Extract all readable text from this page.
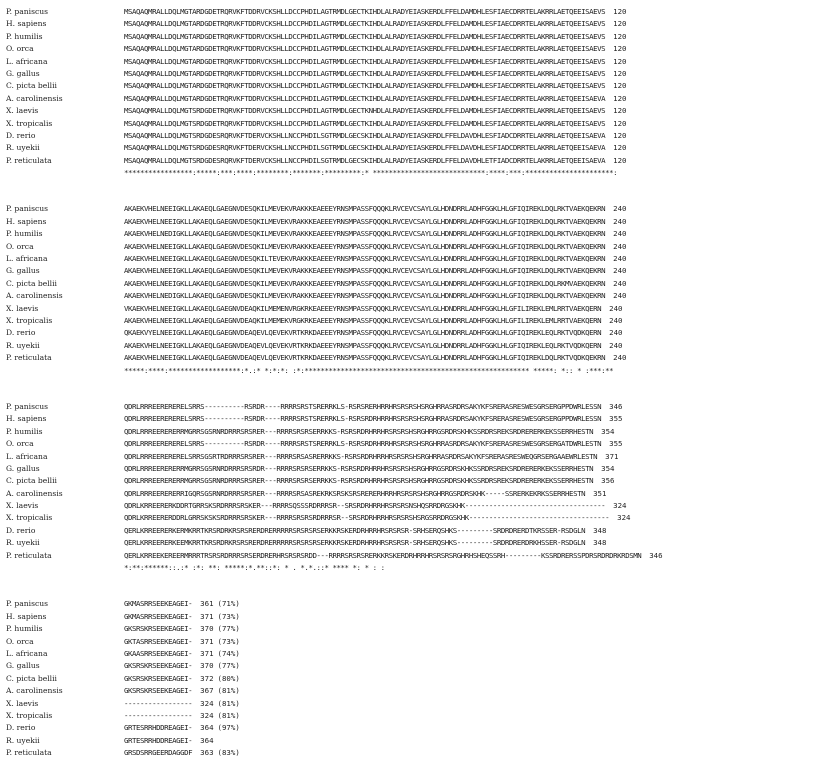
P. paniscus	MSAQAQMRALLDQLMGTARDGDETRQRVKFTDDRVCKSHLLDCCPHDILAGTRMDLGECTKIHDLALRADYEIASKERDLFFELDAMDHLESFIAECDRRTELAKRRLAETQEEISAEVS 120
H. sapiens	MSAQAQMRALLDQLMGTARDGDETRQRVKFTDDRVCKSHLLDCCPHDILAGTRMDLGECTKIHDLALRADYEIASKERDLFFELDAMDHLESFIAECDRRTELAKRRLAETQEEISAEVS 120
P. humilis	MSAQAQMRALLDQLMGTARDGDETRQRVKFTDDRVCKSHLLDCCPHDILAGTRMDLGECTKIHDLALRADYEIASKERDLFFELDAMDHLESFIAECDRRTELAKRRLAETQEEISAEVS 120
O. orca	MSAQAQMRALLDQLMGTARDGDETRQRVKFTDDRVCKSHLLDCCPHDILAGTRMDLGECTKIHDLALRADYEIASKERDLFFELDAMDHLESFIAECDRRTELAKRRLAETQEEISAEVS 120
L. africana	MSAQAQMRALLDQLMGTARDGDETRQRVKFTDDRVCKSHLLDCCPHDILAGTRMDLGECTKIHDLALRADYEIASKERDLFFELDAMDHLESFIAECDRRTELAKRRLAETQEEISAEVS 120
G. gallus	MSAQAQMRALLDQLMGTARDGDETRQRVKFTDDRVCKSHLLDCCPHDILAGTRMDLGECTKIHDLALRADYEIASKERDLFFELDAMDHLESFIAECDRRTELAKRRLAETQEEISAEVS 120
C. picta bellii	MSAQAQMRALLDQLMGTARDGDETRQRVKFTDDRVCKSHLLDCCPHDILAGTRMDLGECTKIHDLALRADYEIASKERDLFFELDAMDHLESFIAECDRRTELAKRRLAETQEEISAEVS 120
A. carolinensis	MSAQAQMRALLDQLMGTARDGDETRQRVKFTDDRVCKSHLLDCCPHDILAGTRMDLGECTKIHDLALRADYEIASKERDLFFELDAMDHLESFIAECDRRTELAKRRLAETQEEISAEVA 120
X. laevis	MSAQAQMRALLDQLMGTSRDGDETRQRVKFTDDRVCKSHLLDCCPHDILAGTRMDLGECTKNHDLALRADYEIASKERDLFFELDAMDHLESFIAECDRRTELAKRRLAETQEEISAEVS 120
X. tropicalis	MSAQAQMRALLDQLMGTSRDGDETRQRVKFTDDRVCKSHLLDCCPHDILAGTRMDLGECTKIHDLALRADYEIASKERDLFFELDAMDHLESFIAECDRRTELAKRRLAETQEEISAEVS 120
D. rerio	MSAQAQMRALLDQLMGTSRDGDESRQRVKFTDERVCKSHLLNCCPHDILSGTRMDLGECSKIHDLALRADYEIASKERDLFFELDAVDHLESFIADCDRRTELAKRRLAETQEEISAEVA 120
R. uyekii	MSAQAQMRALLDQLMGTSRDGDESRQRVKFTDERVCKSHLLNCCPHDILSGTRMDLGECSKIHDLALRADYEIASKERDLFFELDAVDHLESFIADCDRRTELAKRRLAETQEEISAEVA 120
P. reticulata	MSAQAQMRALLDQLMGTSRDGDESRQRVKFTDERVCKSHLLNCCPHDILSGTRMDLGECSKIHDLALRADYEIASKERDLFFELDAVDHLETFIADCDRRTELAKRRLAETQEEISAEVA 120
*****************:*****:***:****:********:*******:*********:* ****************************:****:***:**********************:
P. paniscus	AKAEKVHELNEEIGKLLAKAEQLGAEGNVDESQKILMEVEKVRAKKKEAEEEYRNSMPASSFQQQKLRVCEVCSAYLGLHDNDRRLADHFGGKLHLGFIQIREKLDQLRKTVAEKQEKRN 240
H. sapiens	AKAEKVHELNEEIGKLLAKAEQLGAEGNVDESQKILMEVEKVRAKKKEAEEEYRNSMPASSFQQQKLRVCEVCSAYLGLHDNDRRLADHFGGKLHLGFIQIREKLDQLRKTVAEKQEKRN 240
P. humilis	AKAEKVHELNEDIGKLLAKAEQLGAEGNVDESQKILMEVEKVRAKKKEAEEEYRNSMPASSFQQQKLRVCEVCSAYLGLHDNDRRLADHFGGKLHLGFIQIREKLDQLRKTVAEKQEKRN 240
O. orca	AKAEKVHELNEEIGKLLAKAEQLGAEGNVDESQKILMEVEKVRAKKKEAEEEYRNSMPASSFQQQKLRVCEVCSAYLGLHDNDRRLADHFGGKLHLGFIQIREKLDQLRKTVAEKQEKRN 240
L. africana	AKAEKVHELNEEIGKLLAKAEQLGAEGNVDESQKILTEVEKVRAKKKEAEEEYRNSMPASSFQQQKLRVCEVCSAYLGLHDNDRRLADHFGGKLHLGFIQIREKLDQLRKTVAEKQEKRN 240
G. gallus	AKAEKVHELNEEIGKLLAKAEQLGAEGNVDESQKILMEVEKVRAKKKEAEEEYRNSMPASSFQQQKLRVCEVCSAYLGLHDNDRRLADHFGGKLHLGFIQIREKLDQLRKTVAEKQEKRN 240
C. picta bellii	AKAEKVHELNEEIGKLLAKAEQLGAEGNVDESQKILMEVEKVRAKKKEAEEEYRNSMPASSFQQQKLRVCEVCSAYLGLHDNDRRLADHFGGKLHLGFIQIREKLDQLRKMVAEKQEKRN 240
A. carolinensis	AKAEKVHELNEDIGKLLAKAEQLGAEGNVDESQKILMEVEKVRAKKKEAEEEYRNSMPASSFQQQKLRVCEVCSAYLGLHDNDRRLADHFGGKLHLGFIQIREKLDQLRKTVAEKQEKRN 240
X. laevis	VKAEKVHELNEEIGKLLAKAEQLGAEGNVDEAQKILMEMENVRGKRKEAEEEYRNSMPASSFQQQKLRVCEVCSAYLGLHDNDRRLADHFGGKLHLGFILIREKLEMLRRTVAEKQERN 240
X. tropicalis	AKAEKVHELNEEIGKLLAKAEQLGAEGNVDEAQKILMEMEKVRGKRKEAEEEYRNSMPASSFQQQKLRVCEVCSAYLGLHDNDRRLADHFGGKLHLGFILIREKLEMLRRTVAEKQERN 240
D. rerio	QKAEKVYELNEEIGKLLAKAEQLGAEGNVDEAQEVLQEVEKVRTKRKDAEEEYRNSMPASSFQQQKLRVCEVCSAYLGLHDNDRRLADHFGGKLHLGFIQIREKLEQLRKTVQDKQERN 240
R. uyekii	AKAEKVHELNEEIGKLLAKAEQLGAEGNVDEAQEVLQEVEKVRTKRKDAEEEYRNSMPASSFQQQKLRVCEVCSAYLGLHDNDRRLADHFGGKLHLGFIQIREKLEQLRKTVQDKQERN 240
P. reticulata	AKAEKVHELNEEIGKLLAKAEQLGAEGNVDEAQEVLQEVEKVRTKRKDAEEEYRNSMPASSFQQQKLRVCEVCSAYLGLHDNDRRLADHFGGKLHLGFIQIREKLDQLRKTVQDKQEKRN 240
*****:****:******************:*.:* *:*:*: :*:******************************************************** *****: *:: * :***:**
P. paniscus	QDRLRRREERERERELSRRS----------RSRDR----RRRRSRSTSRERRKLS-RSRSRERHRRHRSRSRSHSRGHRRASRDRSAKYKFSRERASRESWESGRSERGPPDWRLESSN 346
H. sapiens	QDRLRRREERERERELSRRS----------RSRDR----RRRRSRSTSRERRKLS-RSRSRDRHRRHRSRSRSHSRGHRRASRDRSAKYKFSRERASRESWESGRSERGPPDWRLESSN 355
P. humilis	QDRLRRREERERERRMGRRSGSRNRDRRRSRSRER---RRRRSRSRSERRKKS-RSRSRDRHRRHRSRSRSHSRGHRRGSRDRSKHKSSRDRSREKSRDRERERKEKSSERRHESTN 354
O. orca	QDRLRRREERERERELSRRS----------RSRDR----RRRRSRSTSRERRKLS-RSRSRDRHRRHRSRSRSHSRGHRRASRDRSAKYKFSRERASRESWESGRSERGATDWRLESTN 355
L. africana	QDRLRRREERERERELSRRSGSRTRDRRRSRSRER---RRRRSRSASRERRKKS-RSRSRDRHRRHRSRSRSHSRGHRRASRDRSAKYKFSRERASRESWEQGRSERGAAEWRLESTN 371
G. gallus	QDRLRRREERERERRMGRRSGSRNRDRRRSRSRDR---RRRRSRSRSERRKKS-RSRSRDRHRRHRSRSRSHSRGHRRGSRDRSKHKSSRDRSREKSRDRERERKEKSSERRHESTN 354
C. picta bellii	QDRLRRREERERERRMGRRSGSRNRDRRRSRSRER---RRRRSRSRSERRKKS-RSRSRDRHRRHRSRSRSHSRGHRRGSRDRSKHKSSRDRSREKSRDRERERKEKSSERRHESTN 356
A. carolinensis	QDRLRRREERERERRIGQRSGSRNRDRRRSRSRER---RRRRSRSASREKRKSRSKSRSRERERHRRHRSRSRSHSRGHRRGSRDRSKHK-----SSRERKEKRKSSERRHESTN 351
X. laevis	QDRLKRREERERKDDRTGRRSKSRDRRRSRSKER---RRRRSQSSSRDRRRSR--SRSRDRHRRHRSRSRSNSHQSRRDRGSKHK----------------------------------- 324
X. tropicalis	QDRLKRREERERDDRLGRRSKSKSRDRRRSRSKER---RRRRSRSRSRDRRRSR--SRSRDRHRRHRSRSRSHSRGSRRDRGSKHK----------------------------------- 324
D. rerio	QERLKRREERERKERMKRRTKRSRDRKRSRSRERDRERRRRRSRSRSRSERKKRSKERDRHRRHRSRSRSR-SRHSERQSHKS---------SRDRDRERDTKRSSER-RSDGLN 348
R. uyekii	QERLKRREERERKEEMKRRTKRSRDRKRSRSRERDRERRRRRSRSRSRSERKKRSKERDRHRRHRSRSRSR-SRHSERQSHKS---------SRDRDRERDRKHSSER-RSDGLN 348
P. reticulata	QERLKRREEKEREERMRRRTRSRSRDRRRSRSERDRERHRSRSRSRDD---RRRRSRSRSRERKKRSKERDRHRRHRSRSRSRGHRHSHEQSSRH---------KSSRDRERSSPDRSRDRDRKRDSMN 346
*:**:******::.:* :*: **: *****:*.**::*: * . *.*.::* **** *: * : :
P. paniscus	GKMASRRSEEKEAGEI- 361 (71%)
H. sapiens	GKMASRRSEEKEAGEI- 371 (73%)
P. humilis	GKSRSKRSEEKEAGEI- 370 (77%)
O. orca	GKTASRRSEEKEAGEI- 371 (73%)
L. africana	GKAASRRSEEKEAGEI- 371 (74%)
G. gallus	GKSRSKRSEEKEAGEI- 370 (77%)
C. picta bellii	GKSRSKRSEEKEAGEI- 372 (80%)
A. carolinensis	GKSRSKRSEEKEAGEI- 367 (81%)
X. laevis	----------------- 324 (81%)
X. tropicalis	----------------- 324 (81%)
D. rerio	GRTESRRHDDREAGEI- 364 (97%)
R. uyekii	GRTESRRHDDREAGEI- 364
P. reticulata	GRSDSRRGEERDAGGDF 363 (83%)
